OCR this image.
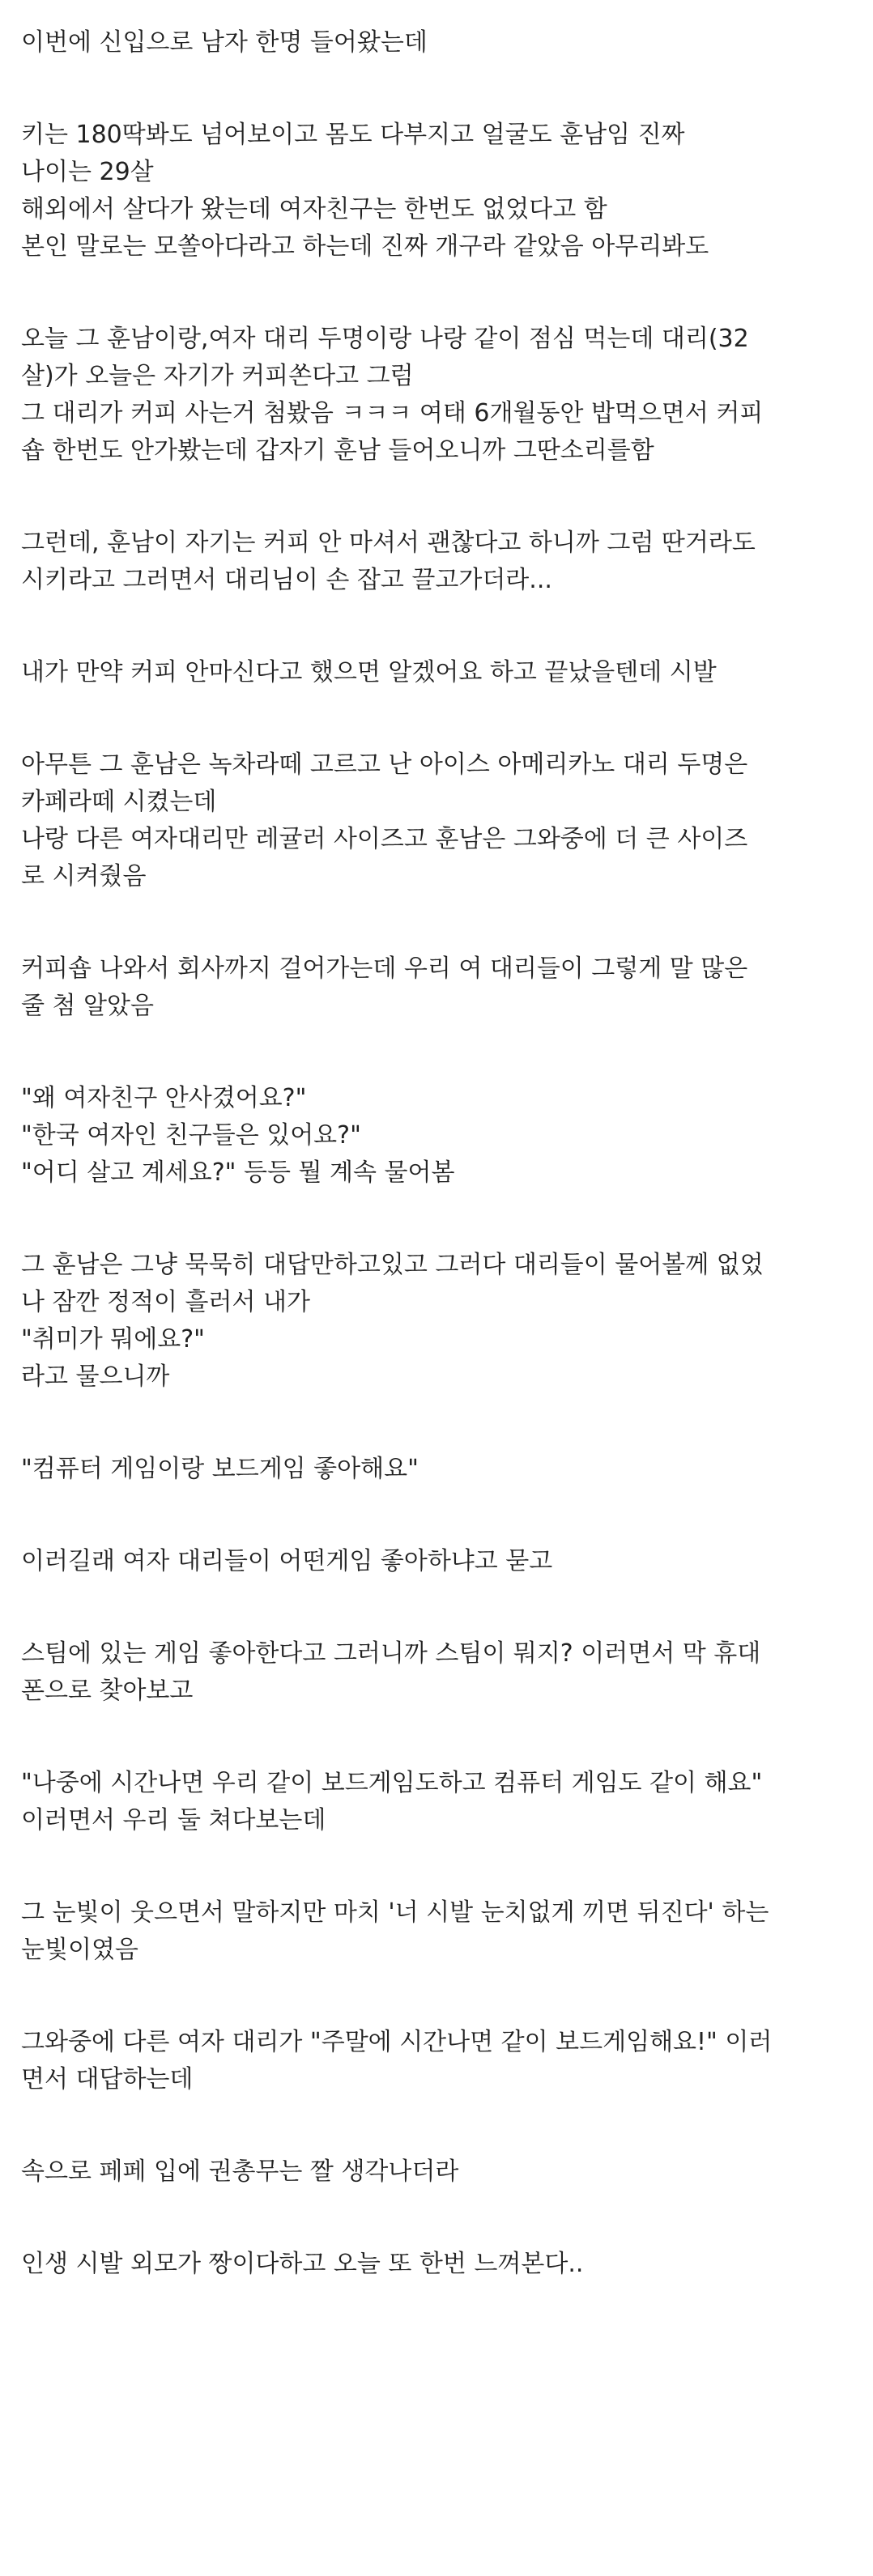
이번에 신입으로 남자 한명 들어왔는데
키는 180딱봐도 넘어보이고 몸도 다부지고 얼굴도 훈남임 진짜
나이는 29살
해외에서 살다가 왔는데 여자친구는 한번도 없었다고 함
본인 말로는 모쏠아다라고 하는데 진짜 개구라 같았음 아무리봐도
오늘 그 훈남이랑,여자 대리 두명이랑 나랑 같이 점심 먹는데 대리(32
살)가 오늘은 자기가 커피쏜다고 그럼
그 대리가 커피 사는거 첨봤음 ㅋㅋㅋ 여태 6개월동안 밥먹으면서 커피
숍 한번도 안가봤는데 갑자기 훈남 들어오니까 그딴소리를함
그런데, 훈남이 자기는 커피 안 마셔서 괜찮다고 하니까 그럼 딴거라도
시키라고 그러면서 대리님이 손 잡고 끌고가더라...
내가 만약 커피 안마신다고 했으면 알겠어요 하고 끝났을텐데 시발
아무튼 그 훈남은 녹차라떼 고르고 난 아이스 아메리카노 대리 두명은
카페라떼 시켰는데
나랑 다른 여자대리만 레귤러 사이즈고 훈남은 그와중에 더 큰 사이즈
로 시켜줬음
커피숍 나와서 회사까지 걸어가는데 우리 여 대리들이 그렇게 말 많은
줄 첨 알았음
"왜 여자친구 안사겼어요?"
"한국 여자인 친구들은 있어요?"
"어디 살고 계세요?" 등등 뭘 계속 물어봄
그 훈남은 그냥 묵묵히 대답만하고있고 그러다 대리들이 물어볼께 없었
나 잠깐 정적이 흘러서 내가
"취미가 뭐에요?"
라고 물으니까
"컴퓨터 게임이랑 보드게임 좋아해요"
이러길래 여자 대리들이 어떤게임 좋아하냐고 묻고
스팀에 있는 게임 좋아한다고 그러니까 스팀이 뭐지? 이러면서 막 휴대
폰으로 찾아보고
"나중에 시간나면 우리 같이 보드게임도하고 컴퓨터 게임도 같이 해요"
이러면서 우리 둘 쳐다보는데
그 눈빛이 웃으면서 말하지만 마치 '너 시발 눈치없게 끼면 뒤진다' 하는
눈빛이였음
그와중에 다른 여자 대리가 "주말에 시간나면 같이 보드게임해요!" 이러
면서 대답하는데
속으로 페페 입에 권총무는 짤 생각나더라
인생 시발 외모가 짱이다하고 오늘 또 한번 느껴본다..
